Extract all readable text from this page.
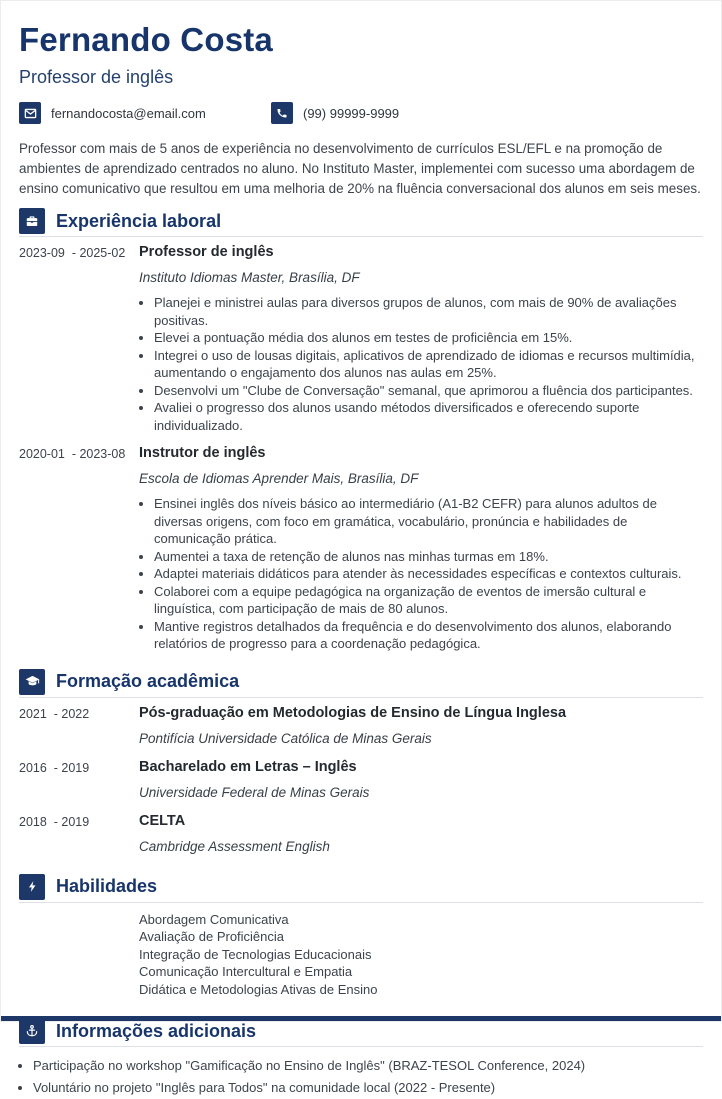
Fernando Costa
Professor de inglês
fernandocosta@email.com	(99) 99999-9999

Professor com mais de 5 anos de experiência no desenvolvimento de currículos ESL/EFL e na promoção de ambientes de aprendizado centrados no aluno. No Instituto Master, implementei com sucesso uma abordagem de ensino comunicativo que resultou em uma melhoria de 20% na fluência conversacional dos alunos em seis meses.

Experiência laboral
2023-09  - 2025-02 Professor de inglês
Instituto Idiomas Master, Brasília, DF
• Planejei e ministrei aulas para diversos grupos de alunos, com mais de 90% de avaliações positivas.
• Elevei a pontuação média dos alunos em testes de proficiência em 15%.
• Integrei o uso de lousas digitais, aplicativos de aprendizado de idiomas e recursos multimídia, aumentando o engajamento dos alunos nas aulas em 25%.
• Desenvolvi um "Clube de Conversação" semanal, que aprimorou a fluência dos participantes.
• Avaliei o progresso dos alunos usando métodos diversificados e oferecendo suporte individualizado.
2020-01  - 2023-08 Instrutor de inglês
Escola de Idiomas Aprender Mais, Brasília, DF
• Ensinei inglês dos níveis básico ao intermediário (A1-B2 CEFR) para alunos adultos de diversas origens, com foco em gramática, vocabulário, pronúncia e habilidades de comunicação prática.
• Aumentei a taxa de retenção de alunos nas minhas turmas em 18%.
• Adaptei materiais didáticos para atender às necessidades específicas e contextos culturais.
• Colaborei com a equipe pedagógica na organização de eventos de imersão cultural e linguística, com participação de mais de 80 alunos.
• Mantive registros detalhados da frequência e do desenvolvimento dos alunos, elaborando relatórios de progresso para a coordenação pedagógica.
Formação acadêmica
2021  - 2022	Pós-graduação em Metodologias de Ensino de Língua Inglesa
Pontifícia Universidade Católica de Minas Gerais
2016  - 2019	Bacharelado em Letras – Inglês
Universidade Federal de Minas Gerais
2018  - 2019	CELTA
Cambridge Assessment English
Habilidades
Abordagem Comunicativa
Avaliação de Proficiência
Integração de Tecnologias Educacionais
Comunicação Intercultural e Empatia
Didática e Metodologias Ativas de Ensino
Informações adicionais
• Participação no workshop "Gamificação no Ensino de Inglês" (BRAZ-TESOL Conference, 2024)
• Voluntário no projeto "Inglês para Todos" na comunidade local (2022 - Presente)
